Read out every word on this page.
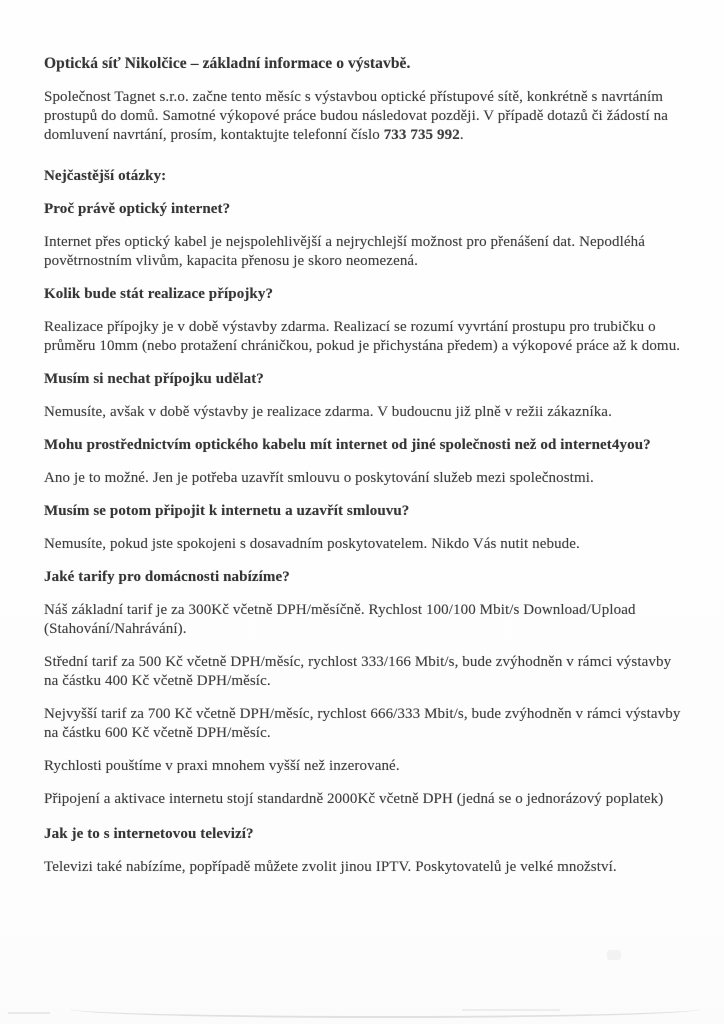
Optická síť Nikolčice – základní informace o výstavbě.

Společnost Tagnet s.r.o. začne tento měsíc s výstavbou optické přístupové sítě, konkrétně s navrtáním prostupů do domů. Samotné výkopové práce budou následovat později. V případě dotazů či žádostí na domluvení navrtání, prosím, kontaktujte telefonní číslo 733 735 992.

Nejčastější otázky:

Proč právě optický internet?

Internet přes optický kabel je nejspolehlivější a nejrychlejší možnost pro přenášení dat. Nepodléhá povětrnostním vlivům, kapacita přenosu je skoro neomezená.

Kolik bude stát realizace přípojky?

Realizace přípojky je v době výstavby zdarma. Realizací se rozumí vyvrtání prostupu pro trubičku o průměru 10mm (nebo protažení chráničkou, pokud je přichystána předem) a výkopové práce až k domu.

Musím si nechat přípojku udělat?

Nemusíte, avšak v době výstavby je realizace zdarma. V budoucnu již plně v režii zákazníka.

Mohu prostřednictvím optického kabelu mít internet od jiné společnosti než od internet4you?

Ano je to možné. Jen je potřeba uzavřít smlouvu o poskytování služeb mezi společnostmi.

Musím se potom připojit k internetu a uzavřít smlouvu?

Nemusíte, pokud jste spokojeni s dosavadním poskytovatelem. Nikdo Vás nutit nebude.

Jaké tarify pro domácnosti nabízíme?

Náš základní tarif je za 300Kč včetně DPH/měsíčně. Rychlost 100/100 Mbit/s Download/Upload (Stahování/Nahrávání).

Střední tarif za 500 Kč včetně DPH/měsíc, rychlost 333/166 Mbit/s, bude zvýhodněn v rámci výstavby na částku 400 Kč včetně DPH/měsíc.

Nejvyšší tarif za 700 Kč včetně DPH/měsíc, rychlost 666/333 Mbit/s, bude zvýhodněn v rámci výstavby na částku 600 Kč včetně DPH/měsíc.

Rychlosti pouštíme v praxi mnohem vyšší než inzerované.

Připojení a aktivace internetu stojí standardně 2000Kč včetně DPH (jedná se o jednorázový poplatek)

Jak je to s internetovou televizí?

Televizi také nabízíme, popřípadě můžete zvolit jinou IPTV. Poskytovatelů je velké množství.
